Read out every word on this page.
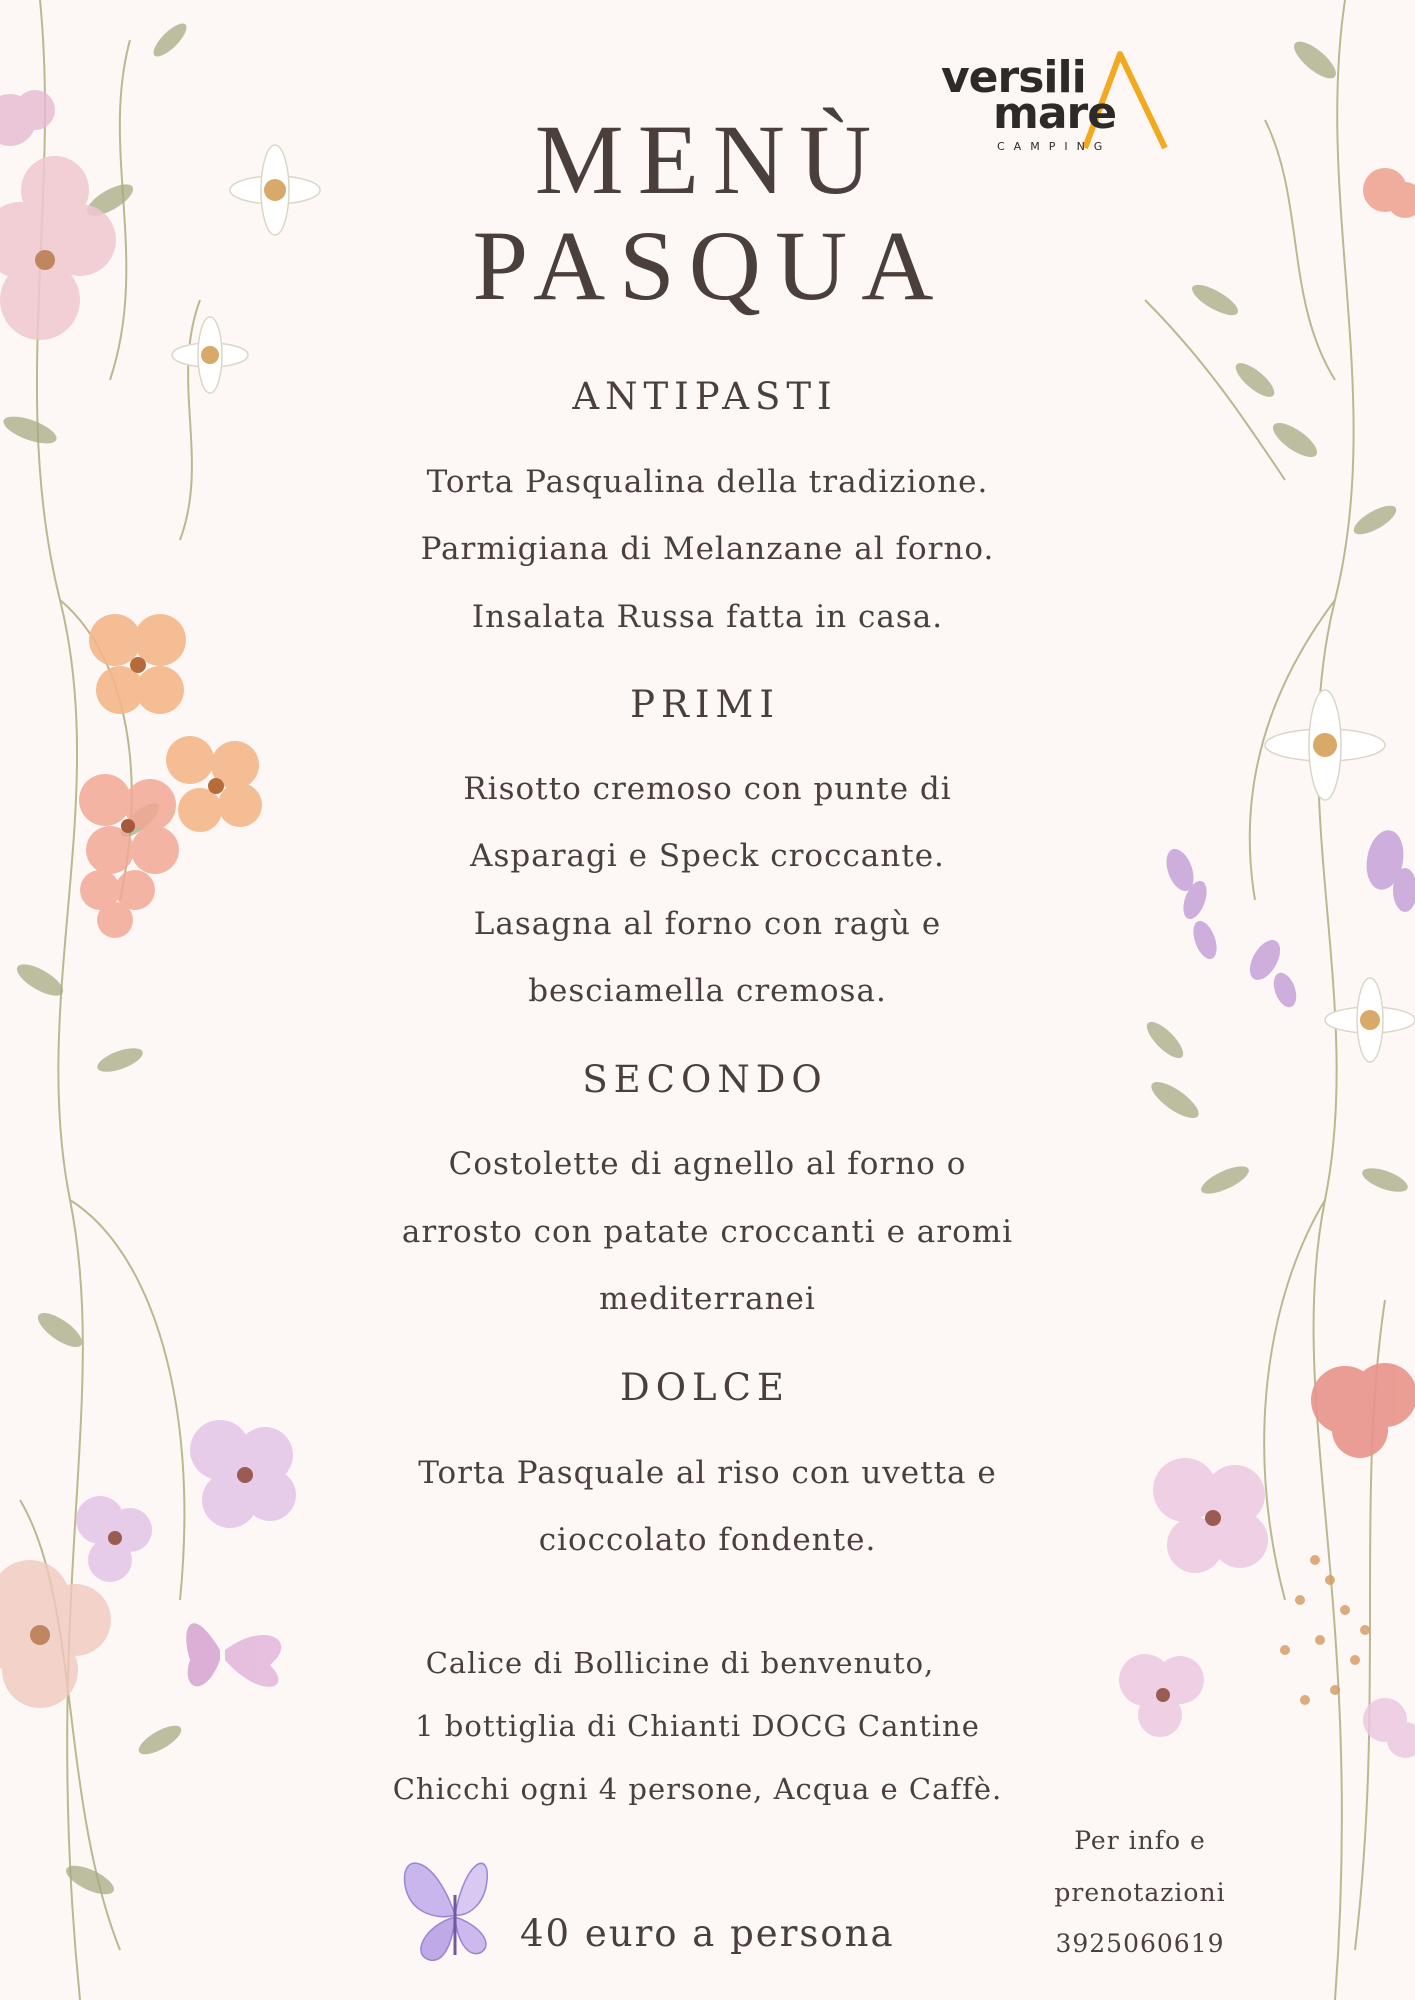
versili
mare
CAMPING
MENÙ
PASQUA
ANTIPASTI
Torta Pasqualina della tradizione.
Parmigiana di Melanzane al forno.
Insalata Russa fatta in casa.
PRIMI
Risotto cremoso con punte di
Asparagi e Speck croccante.
Lasagna al forno con ragù e
besciamella cremosa.
SECONDO
Costolette di agnello al forno o
arrosto con patate croccanti e aromi
mediterranei
DOLCE
Torta Pasquale al riso con uvetta e
cioccolato fondente.
Calice di Bollicine di benvenuto,
1 bottiglia di Chianti DOCG Cantine
Chicchi ogni 4 persone, Acqua e Caffè.
40 euro a persona
Per info e
prenotazioni
3925060619
